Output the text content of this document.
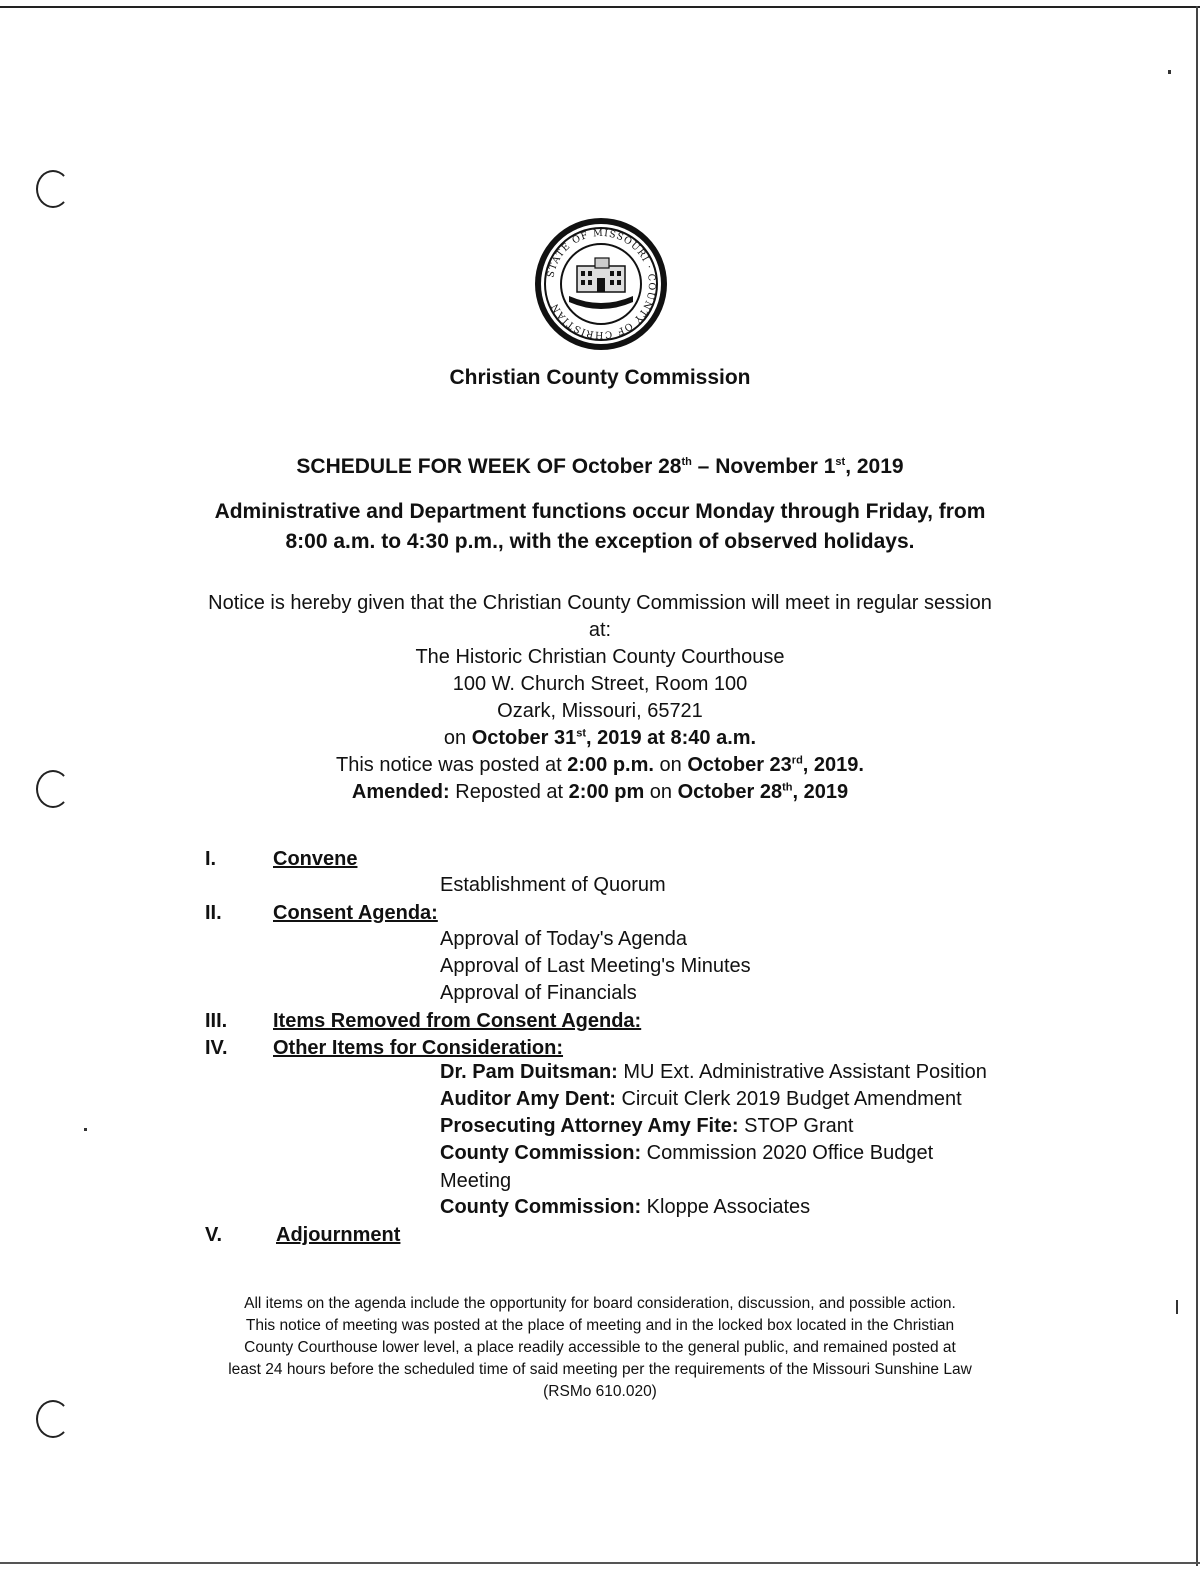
STATE OF MISSOURI · COUNTY OF CHRISTIAN
Christian County Commission
SCHEDULE FOR WEEK OF October 28th – November 1st, 2019
Administrative and Department functions occur Monday through Friday, from
8:00 a.m. to 4:30 p.m., with the exception of observed holidays.
Notice is hereby given that the Christian County Commission will meet in regular session
at:
The Historic Christian County Courthouse
100 W. Church Street, Room 100
Ozark, Missouri, 65721
on October 31st, 2019 at 8:40 a.m.
This notice was posted at 2:00 p.m. on October 23rd, 2019.
Amended: Reposted at 2:00 pm on October 28th, 2019
I.	Convene
Establishment of Quorum
II.	Consent Agenda:
Approval of Today's Agenda
Approval of Last Meeting's Minutes
Approval of Financials
III. Items Removed from Consent Agenda:
IV. Other Items for Consideration:
Dr. Pam Duitsman: MU Ext. Administrative Assistant Position
Auditor Amy Dent: Circuit Clerk 2019 Budget Amendment
Prosecuting Attorney Amy Fite: STOP Grant
County Commission: Commission 2020 Office Budget
Meeting
County Commission: Kloppe Associates
V.	Adjournment
All items on the agenda include the opportunity for board consideration, discussion, and possible action.
This notice of meeting was posted at the place of meeting and in the locked box located in the Christian
County Courthouse lower level, a place readily accessible to the general public, and remained posted at
least 24 hours before the scheduled time of said meeting per the requirements of the Missouri Sunshine Law
(RSMo 610.020)
